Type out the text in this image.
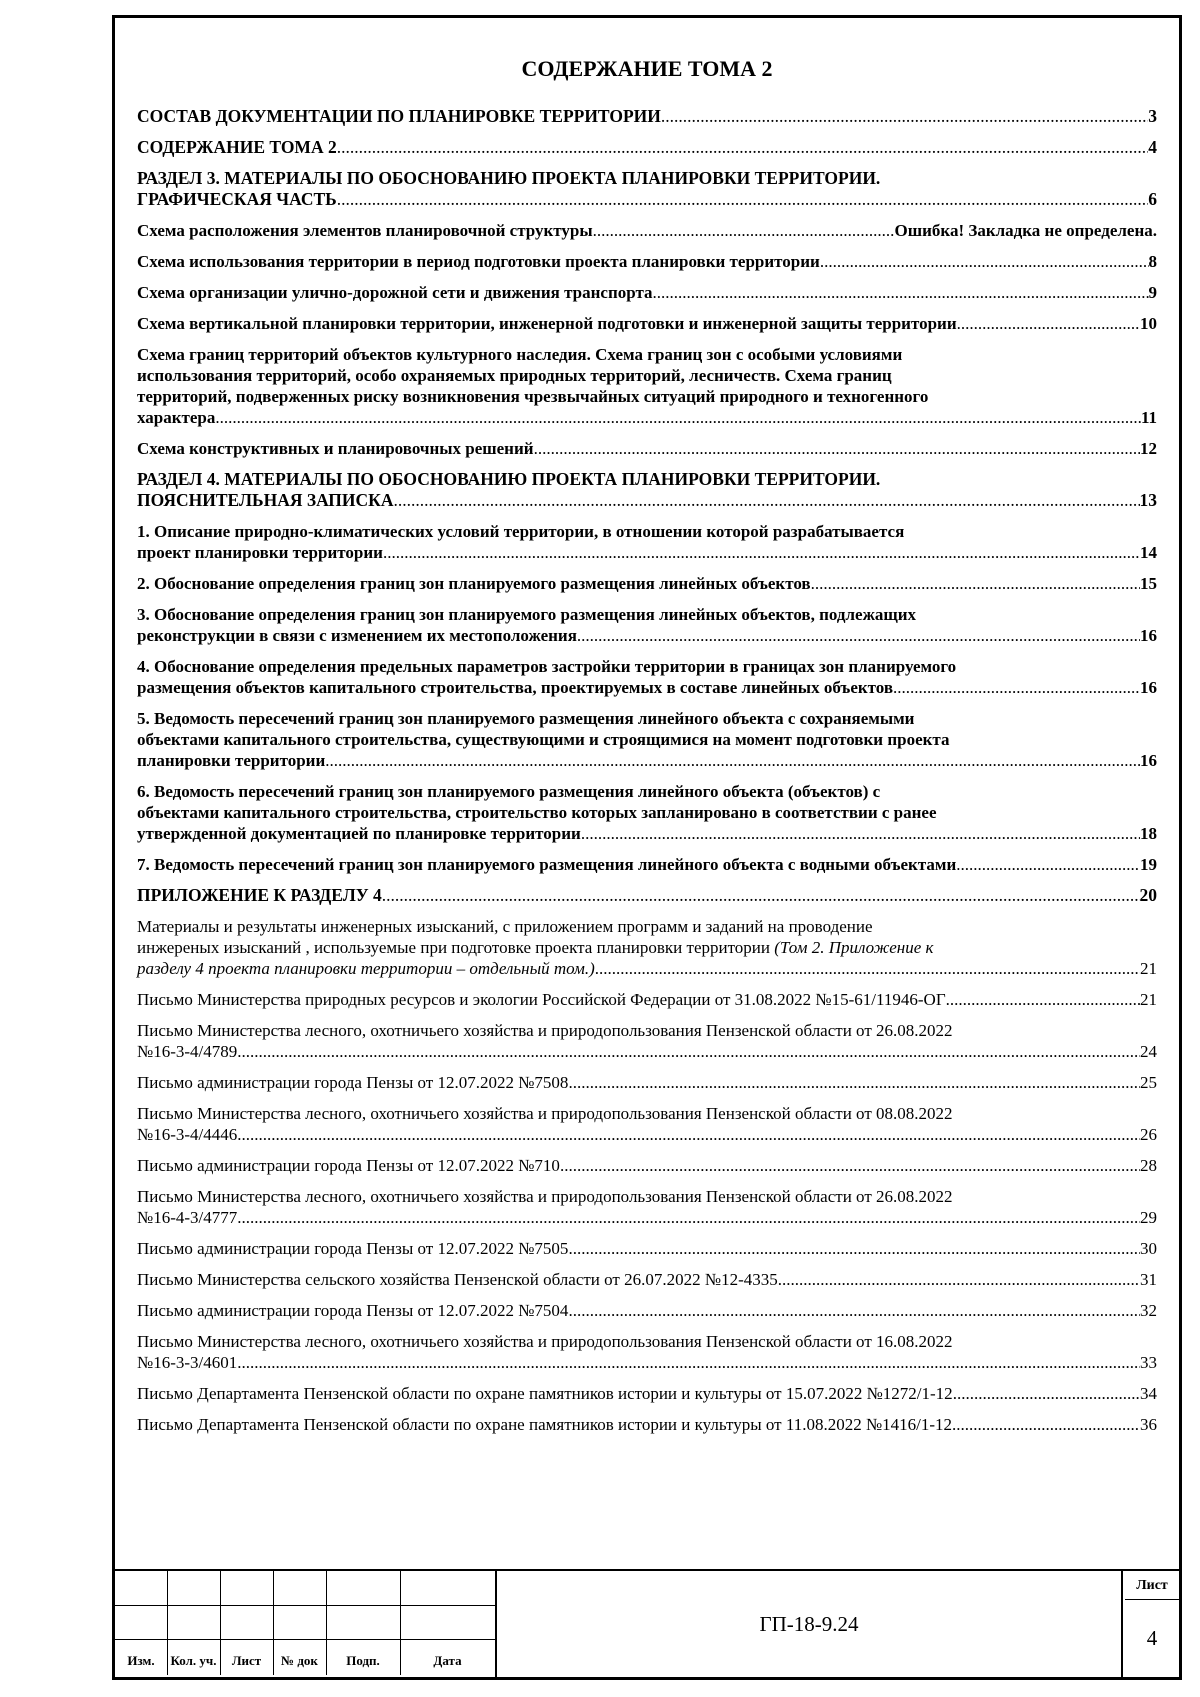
СОДЕРЖАНИЕ ТОМА 2
СОСТАВ ДОКУМЕНТАЦИИ ПО ПЛАНИРОВКЕ ТЕРРИТОРИИ .....	3
СОДЕРЖАНИЕ ТОМА 2 .....	4
РАЗДЕЛ 3. МАТЕРИАЛЫ ПО ОБОСНОВАНИЮ ПРОЕКТА ПЛАНИРОВКИ ТЕРРИТОРИИ.
ГРАФИЧЕСКАЯ ЧАСТЬ .....	6
Схема расположения элементов планировочной структуры .....	Ошибка! Закладка не определена.
Схема использования территории в период подготовки проекта планировки территории .....	8
Схема организации улично-дорожной сети и движения транспорта .....	9
Схема вертикальной планировки территории, инженерной подготовки и инженерной защиты территории .....	10
Схема границ территорий объектов культурного наследия. Схема границ зон с особыми условиями
использования территорий, особо охраняемых природных территорий, лесничеств. Схема границ
территорий, подверженных риску возникновения чрезвычайных ситуаций природного и техногенного
характера .....	11
Схема конструктивных и планировочных решений .....	12
РАЗДЕЛ 4. МАТЕРИАЛЫ ПО ОБОСНОВАНИЮ ПРОЕКТА ПЛАНИРОВКИ ТЕРРИТОРИИ.
ПОЯСНИТЕЛЬНАЯ ЗАПИСКА .....	13
1. Описание природно-климатических условий территории, в отношении которой разрабатывается
проект планировки территории .....	14
2. Обоснование определения границ зон планируемого размещения линейных объектов .....	15
3. Обоснование определения границ зон планируемого размещения линейных объектов, подлежащих
реконструкции в связи с изменением их местоположения .....	16
4. Обоснование определения предельных параметров застройки территории в границах зон планируемого
размещения объектов капитального строительства, проектируемых в составе линейных объектов .....	16
5. Ведомость пересечений границ зон планируемого размещения линейного объекта с сохраняемыми
объектами капитального строительства, существующими и строящимися на момент подготовки проекта
планировки территории .....	16
6. Ведомость пересечений границ зон планируемого размещения линейного объекта (объектов) с
объектами капитального строительства, строительство которых запланировано в соответствии с ранее
утвержденной документацией по планировке территории .....	18
7. Ведомость пересечений границ зон планируемого размещения линейного объекта с водными объектами .....	19
ПРИЛОЖЕНИЕ К РАЗДЕЛУ 4 .....	20
Материалы и результаты инженерных изысканий, с приложением программ и заданий на проводение
инжереных изысканий , используемые при подготовке проекта планировки территории (Том 2. Приложение к
разделу 4 проекта планировки территории – отдельный том.) .....	21
Письмо Министерства природных ресурсов и экологии Российской Федерации от 31.08.2022 №15-61/11946-ОГ .....	21
Письмо Министерства лесного, охотничьего хозяйства и природопользования Пензенской области от 26.08.2022
№16-3-4/4789 .....	24
Письмо администрации города Пензы от 12.07.2022 №7508 .....	25
Письмо Министерства лесного, охотничьего хозяйства и природопользования Пензенской области от 08.08.2022
№16-3-4/4446 .....	26
Письмо администрации города Пензы от 12.07.2022 №710 .....	28
Письмо Министерства лесного, охотничьего хозяйства и природопользования Пензенской области от 26.08.2022
№16-4-3/4777 .....	29
Письмо администрации города Пензы от 12.07.2022 №7505 .....	30
Письмо Министерства сельского хозяйства Пензенской области от 26.07.2022 №12-4335 .....	31
Письмо администрации города Пензы от 12.07.2022 №7504 .....	32
Письмо Министерства лесного, охотничьего хозяйства и природопользования Пензенской области от 16.08.2022
№16-3-3/4601 .....	33
Письмо Департамента Пензенской области по охране памятников истории и культуры от 15.07.2022 №1272/1-12 .....	34
Письмо Департамента Пензенской области по охране памятников истории и культуры от 11.08.2022 №1416/1-12 .....	36
Изм.	Кол. уч.	Лист	№ док	Подп.	Дата
ГП-18-9.24
Лист
4
